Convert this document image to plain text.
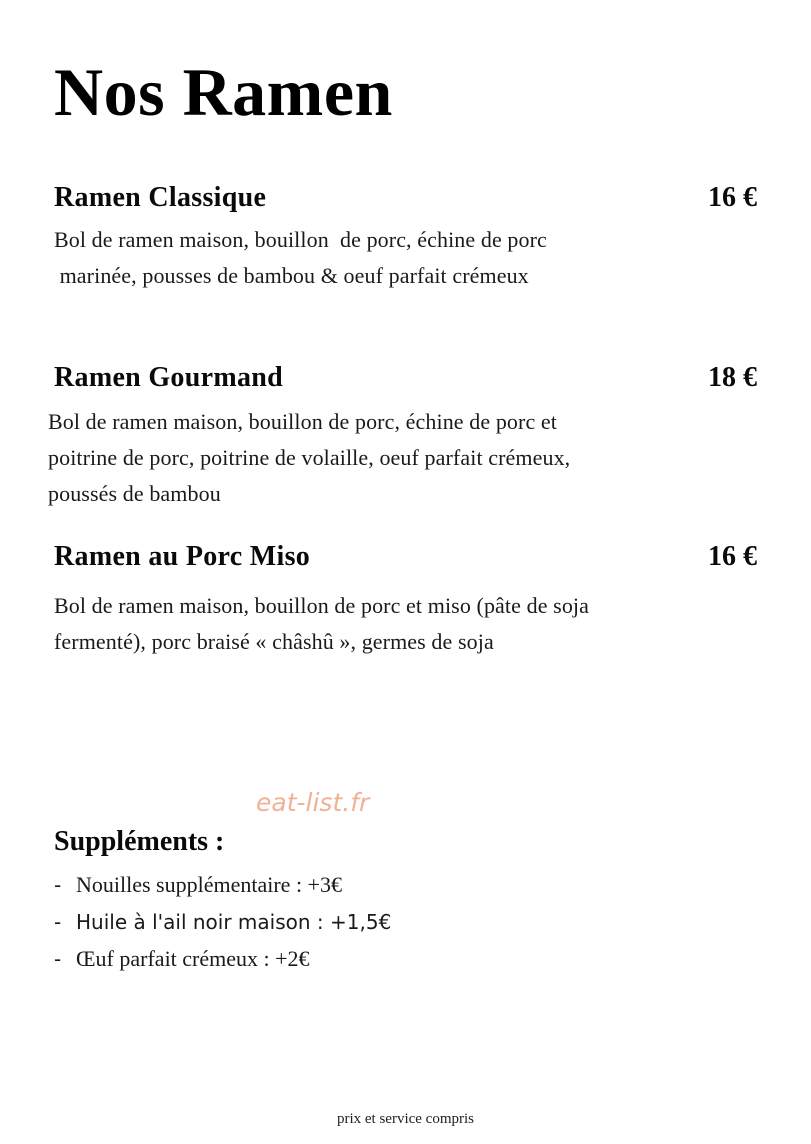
Nos Ramen
Ramen Classique	16 €
Bol de ramen maison, bouillon  de porc, échine de porc
marinée, pousses de bambou & oeuf parfait crémeux
Ramen Gourmand	18 €
Bol de ramen maison, bouillon de porc, échine de porc et
poitrine de porc, poitrine de volaille, oeuf parfait crémeux,
poussés de bambou
Ramen au Porc Miso	16 €
Bol de ramen maison, bouillon de porc et miso (pâte de soja
fermenté), porc braisé « châshû », germes de soja
eat-list.fr
Suppléments :
- Nouilles supplémentaire : +3€
- Huile à l'ail noir maison : +1,5€
- Œuf parfait crémeux : +2€
prix et service compris
